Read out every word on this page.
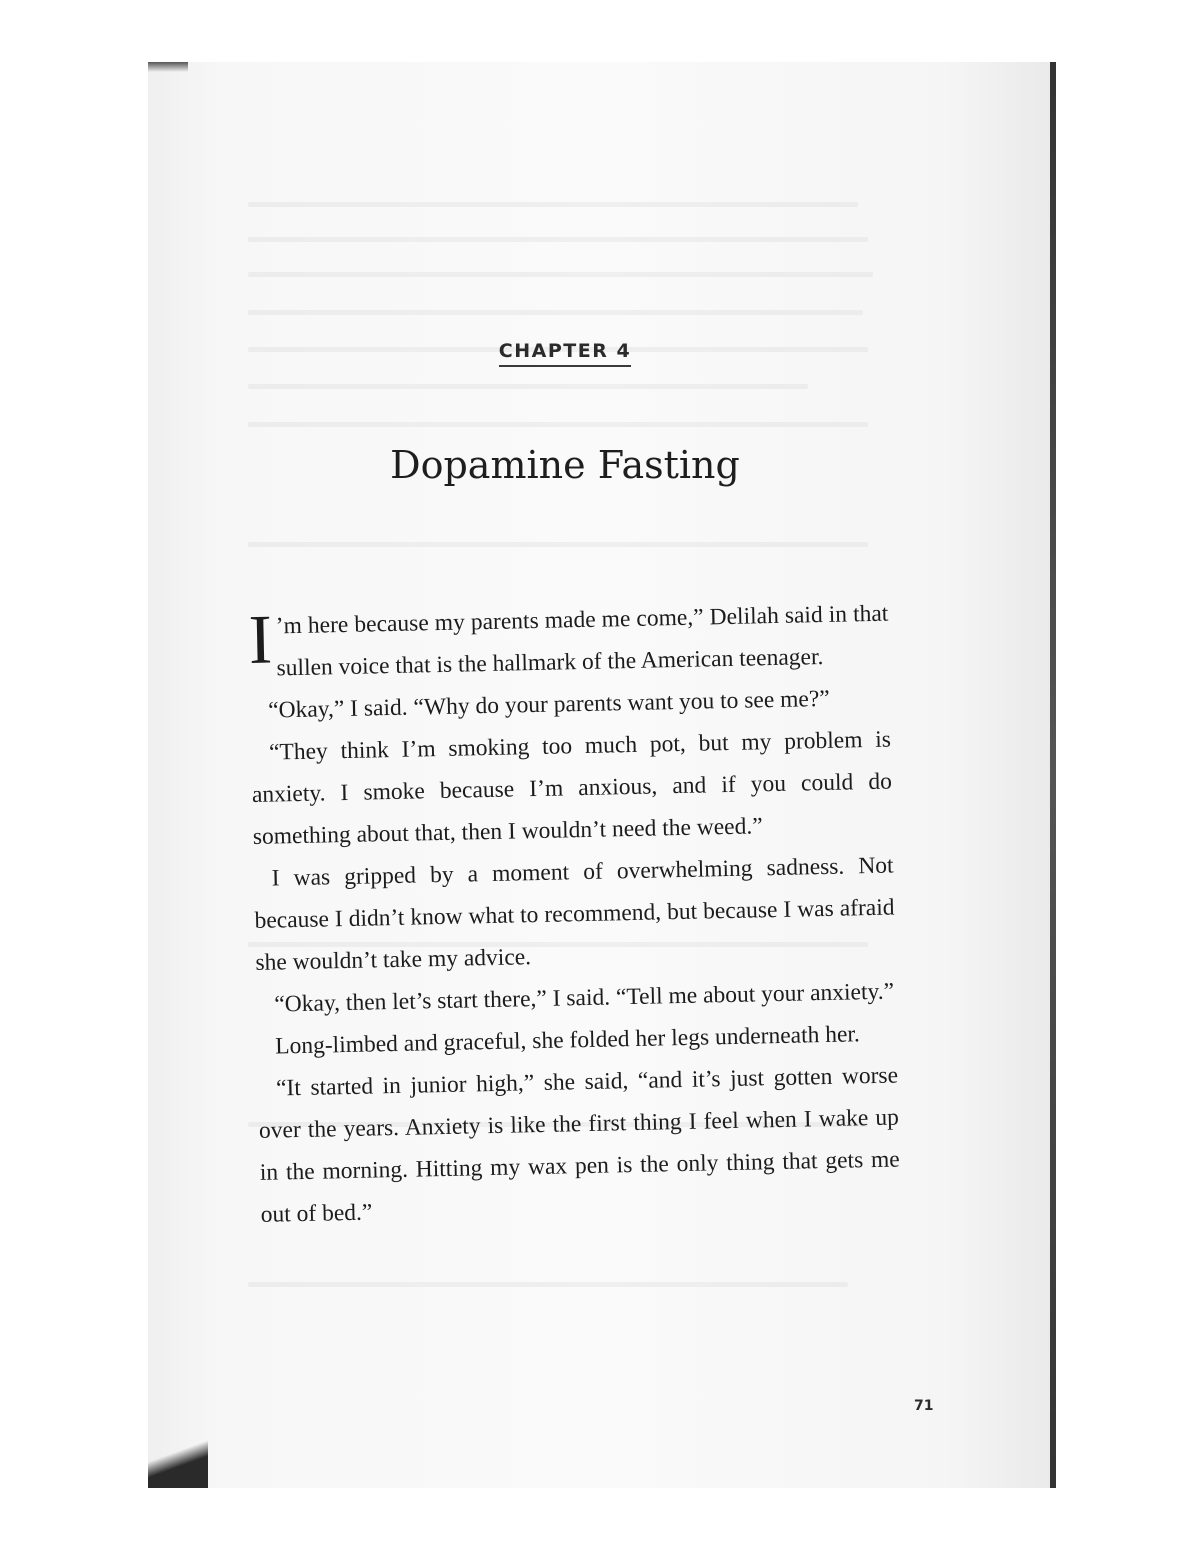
CHAPTER 4
Dopamine Fasting

I ’m here because my parents made me come,” Delilah said in that sullen voice that is the hallmark of the American teenager.

“Okay,” I said. “Why do your parents want you to see me?”

“They think I’m smoking too much pot, but my problem is anxiety. I smoke because I’m anxious, and if you could do something about that, then I wouldn’t need the weed.”

I was gripped by a moment of overwhelming sadness. Not because I didn’t know what to recommend, but because I was afraid she wouldn’t take my advice.

“Okay, then let’s start there,” I said. “Tell me about your anxiety.”

Long-limbed and graceful, she folded her legs underneath her.

“It started in junior high,” she said, “and it’s just gotten worse over the years. Anxiety is like the first thing I feel when I wake up in the morning. Hitting my wax pen is the only thing that gets me out of bed.”

71
